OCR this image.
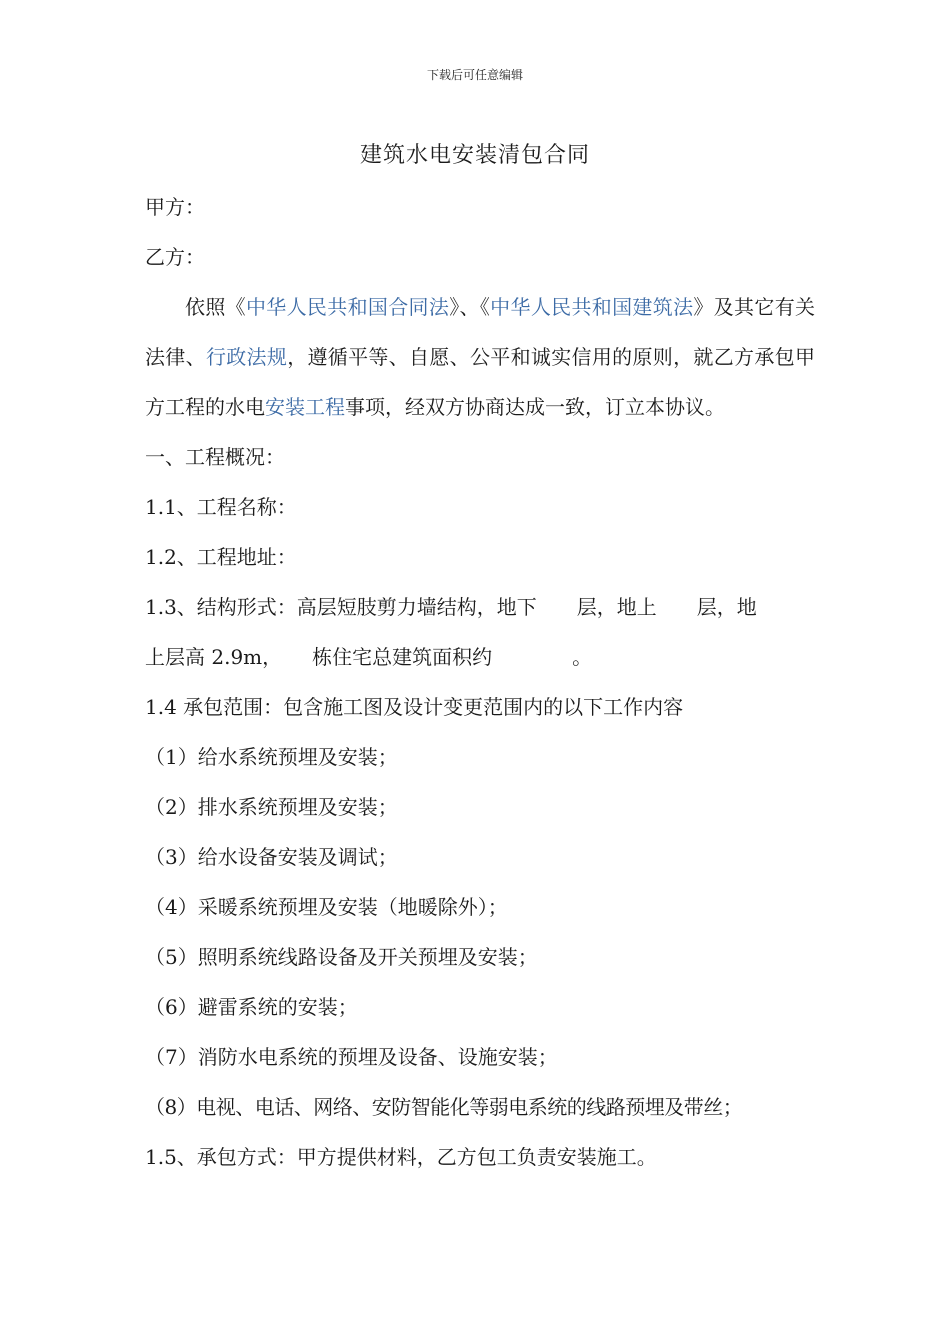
下载后可任意编辑
建筑水电安装清包合同
甲方：
乙方：
依照《中华人民共和国合同法》、《中华人民共和国建筑法》及其它有关法律、行政法规，遵循平等、自愿、公平和诚实信用的原则，就乙方承包甲方工程的水电安装工程事项，经双方协商达成一致，订立本协议。
一、工程概况：
1.1、工程名称：
1.2、工程地址：
1.3、结构形式：高层短肢剪力墙结构，地下　　层，地上　　层，地
上层高 2.9m，　　栋住宅总建筑面积约　　　　。
1.4 承包范围：包含施工图及设计变更范围内的以下工作内容
（1）给水系统预埋及安装；
（2）排水系统预埋及安装；
（3）给水设备安装及调试；
（4）采暖系统预埋及安装（地暖除外）；
（5）照明系统线路设备及开关预埋及安装；
（6）避雷系统的安装；
（7）消防水电系统的预埋及设备、设施安装；
（8）电视、电话、网络、安防智能化等弱电系统的线路预埋及带丝；
1.5、承包方式：甲方提供材料，乙方包工负责安装施工。
